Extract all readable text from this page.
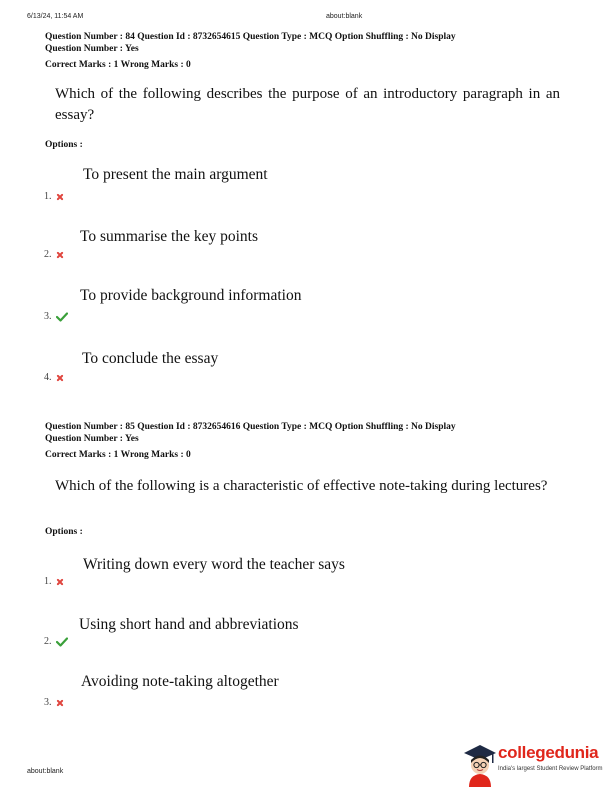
6/13/24, 11:54 AM	about:blank
Question Number : 84 Question Id : 8732654615 Question Type : MCQ Option Shuffling : No Display
Question Number : Yes
Correct Marks : 1 Wrong Marks : 0
Which of the following describes the purpose of an introductory paragraph in an essay?
Options :
To present the main argument
1.
To summarise the key points
2.
To provide background information
3.
To conclude the essay
4.
Question Number : 85 Question Id : 8732654616 Question Type : MCQ Option Shuffling : No Display
Question Number : Yes
Correct Marks : 1 Wrong Marks : 0
Which of the following is a characteristic of effective note-taking during lectures?
Options :
Writing down every word the teacher says
1.
Using short hand and abbreviations
2.
Avoiding note-taking altogether
3.
about:blank
collegedunia
India's largest Student Review Platform
